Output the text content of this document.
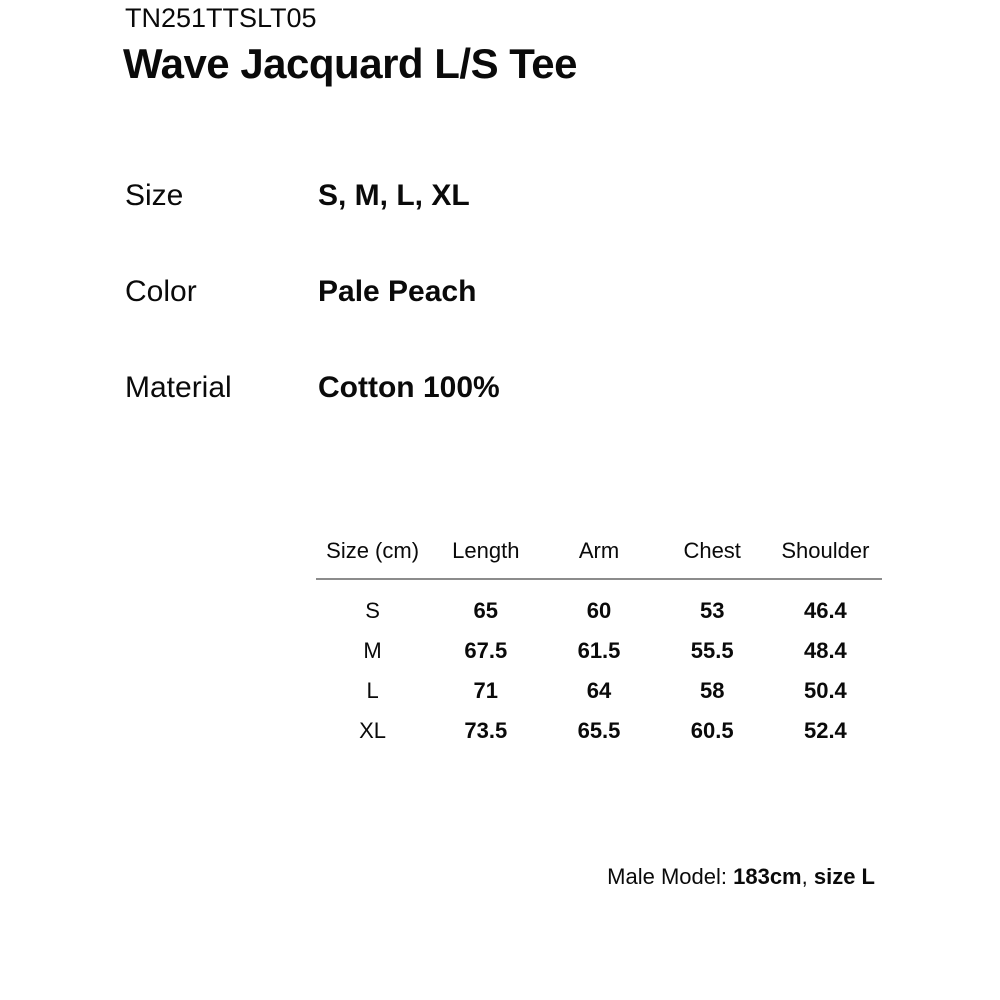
TN251TTSLT05
Wave Jacquard L/S Tee
Size	S, M, L, XL
Color	Pale Peach
Material	Cotton 100%
Size (cm)	Length	Arm	Chest	Shoulder
S	65	60	53	46.4
M	67.5	61.5	55.5	48.4
L	71	64	58	50.4
XL	73.5	65.5	60.5	52.4
Male Model: 183cm, size L
